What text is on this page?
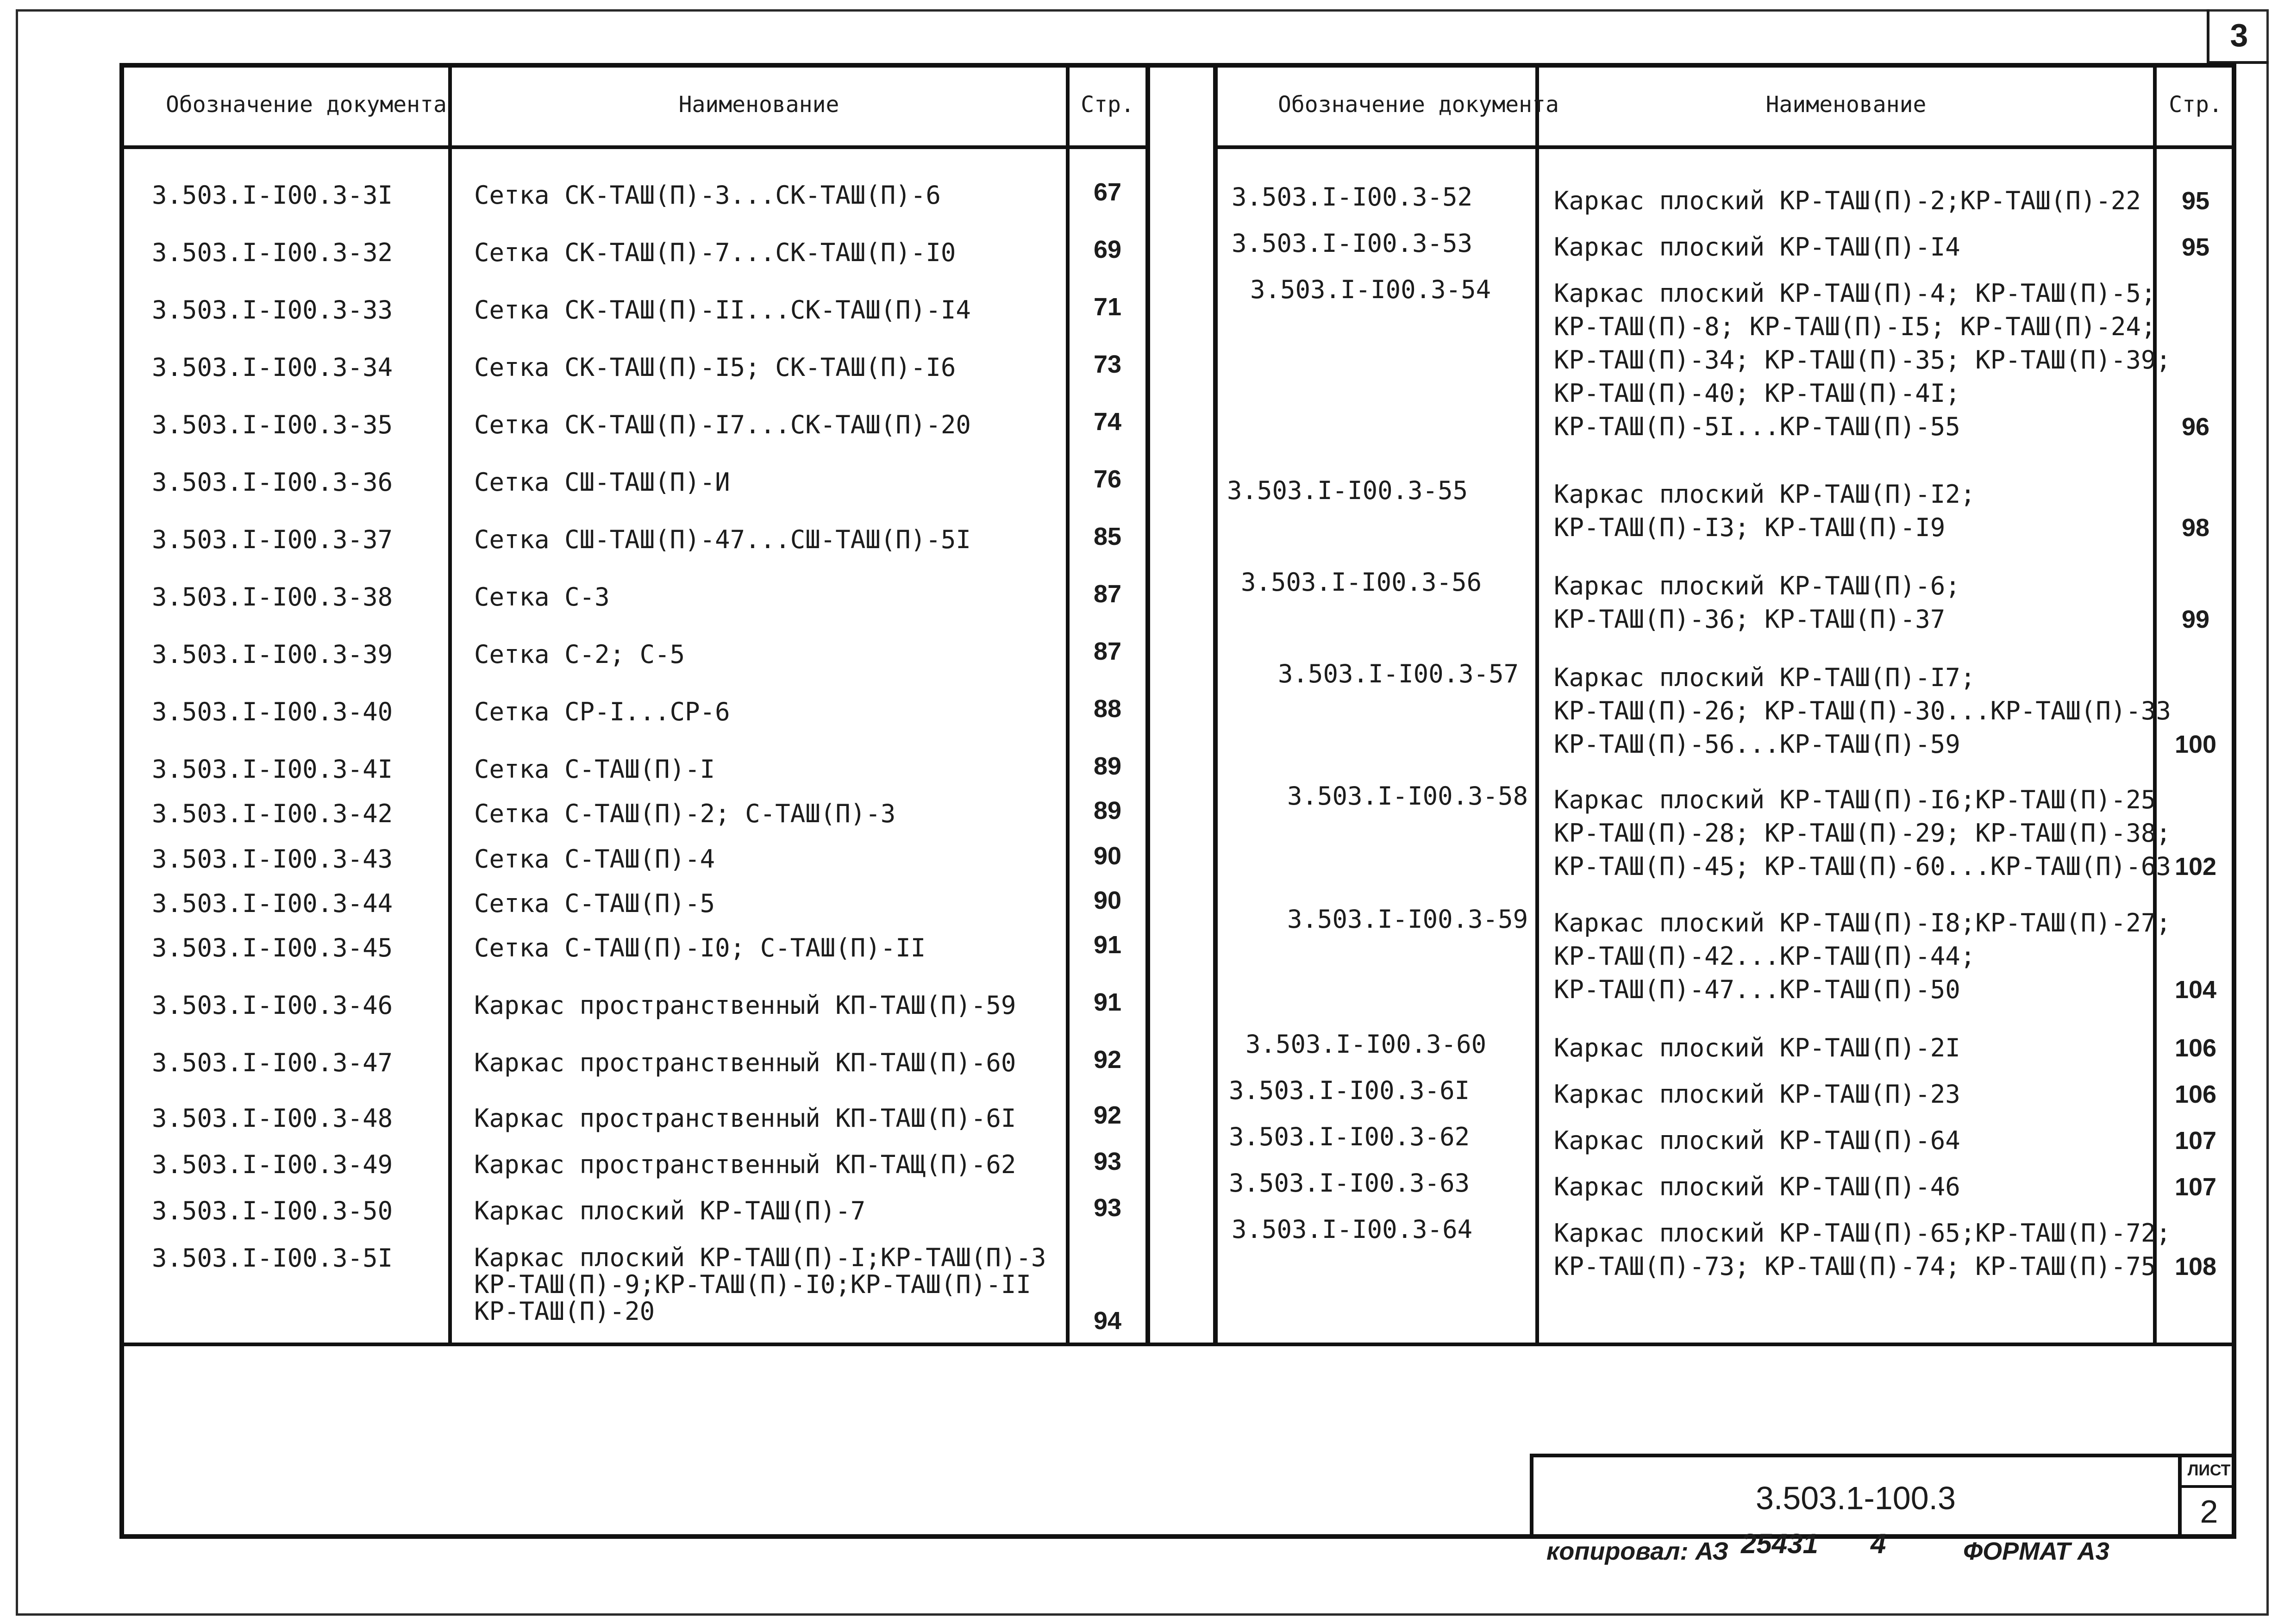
3
Обозначение документа	Наименование	Стр.
3.503.I-I00.3-3I	Сетка СК-ТАШ(П)-3...СК-ТАШ(П)-6	67
3.503.I-I00.3-32	Сетка СК-ТАШ(П)-7...СК-ТАШ(П)-I0	69
3.503.I-I00.3-33	Сетка СК-ТАШ(П)-II...СК-ТАШ(П)-I4	71
3.503.I-I00.3-34	Сетка СК-ТАШ(П)-I5; СК-ТАШ(П)-I6	73
3.503.I-I00.3-35	Сетка СК-ТАШ(П)-I7...СК-ТАШ(П)-20	74
3.503.I-I00.3-36	Сетка СШ-ТАШ(П)-И	76
3.503.I-I00.3-37	Сетка СШ-ТАШ(П)-47...СШ-ТАШ(П)-5I	85
3.503.I-I00.3-38	Сетка С-3	87
3.503.I-I00.3-39	Сетка С-2; С-5	87
3.503.I-I00.3-40	Сетка СР-I...СР-6	88
3.503.I-I00.3-4I	Сетка С-ТАШ(П)-I	89
3.503.I-I00.3-42	Сетка С-ТАШ(П)-2; С-ТАШ(П)-3	89
3.503.I-I00.3-43	Сетка С-ТАШ(П)-4	90
3.503.I-I00.3-44	Сетка С-ТАШ(П)-5	90
3.503.I-I00.3-45	Сетка С-ТАШ(П)-I0; С-ТАШ(П)-II	91
3.503.I-I00.3-46	Каркас пространственный КП-ТАШ(П)-59	91
3.503.I-I00.3-47	Каркас пространственный КП-ТАШ(П)-60	92
3.503.I-I00.3-48	Каркас пространственный КП-ТАШ(П)-6I	92
3.503.I-I00.3-49	Каркас пространственный КП-ТАЩ(П)-62	93
3.503.I-I00.3-50	Каркас плоский КР-ТАШ(П)-7	93
3.503.I-I00.3-5I	Каркас плоский КР-ТАШ(П)-I;КР-ТАШ(П)-3
КР-ТАШ(П)-9;КР-ТАШ(П)-I0;КР-ТАШ(П)-II
КР-ТАШ(П)-20	94
Обозначение документа	Наименование	Стр.
3.503.I-I00.3-52	Каркас плоский КР-ТАШ(П)-2;КР-ТАШ(П)-22	95
3.503.I-I00.3-53	Каркас плоский КР-ТАШ(П)-I4	95
3.503.I-I00.3-54	Каркас плоский КР-ТАШ(П)-4; КР-ТАШ(П)-5;
КР-ТАШ(П)-8; КР-ТАШ(П)-I5; КР-ТАШ(П)-24;
КР-ТАШ(П)-34; КР-ТАШ(П)-35; КР-ТАШ(П)-39;
КР-ТАШ(П)-40; КР-ТАШ(П)-4I;
КР-ТАШ(П)-5I...КР-ТАШ(П)-55	96
3.503.I-I00.3-55	Каркас плоский КР-ТАШ(П)-I2;
КР-ТАШ(П)-I3; КР-ТАШ(П)-I9	98
3.503.I-I00.3-56	Каркас плоский КР-ТАШ(П)-6;
КР-ТАШ(П)-36; КР-ТАШ(П)-37	99
3.503.I-I00.3-57 Каркас плоский КР-ТАШ(П)-I7;
КР-ТАШ(П)-26; КР-ТАШ(П)-30...КР-ТАШ(П)-33
КР-ТАШ(П)-56...КР-ТАШ(П)-59	100
3.503.I-I00.3-58 Каркас плоский КР-ТАШ(П)-I6;КР-ТАШ(П)-25
КР-ТАШ(П)-28; КР-ТАШ(П)-29; КР-ТАШ(П)-38;
КР-ТАШ(П)-45; КР-ТАШ(П)-60...КР-ТАШ(П)-63 102
3.503.I-I00.3-59 Каркас плоский КР-ТАШ(П)-I8;КР-ТАШ(П)-27;
КР-ТАШ(П)-42...КР-ТАШ(П)-44;
КР-ТАШ(П)-47...КР-ТАШ(П)-50	104
3.503.I-I00.3-60	Каркас плоский КР-ТАШ(П)-2I	106
3.503.I-I00.3-6I	Каркас плоский КР-ТАШ(П)-23	106
3.503.I-I00.3-62	Каркас плоский КР-ТАШ(П)-64	107
3.503.I-I00.3-63	Каркас плоский КР-ТАШ(П)-46	107
3.503.I-I00.3-64	Каркас плоский КР-ТАШ(П)-65;КР-ТАШ(П)-72;
КР-ТАШ(П)-73; КР-ТАШ(П)-74; КР-ТАШ(П)-75 108
3.503.1-100.3
ЛИСТ
2
копировал: АЗ 25431 4	ФОРМАТ А3
